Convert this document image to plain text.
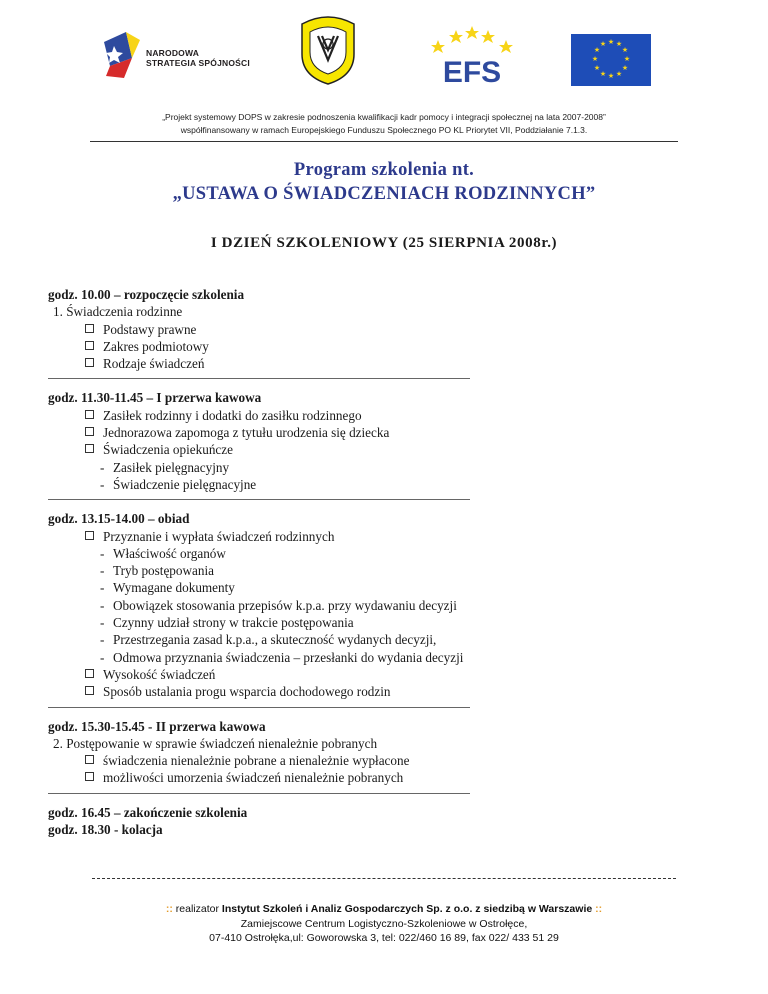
NARODOWA
STRATEGIA SPÓJNOŚCI	EFS
★ ★
★
★
★
★
★
★
★
★
★
★
„Projekt systemowy DOPS w zakresie podnoszenia kwalifikacji kadr pomocy i integracji społecznej na lata 2007-2008”
współfinansowany w ramach Europejskiego Funduszu Społecznego PO KL Priorytet VII, Poddziałanie 7.1.3.
Program szkolenia nt.
„USTAWA O ŚWIADCZENIACH RODZINNYCH”
I DZIEŃ SZKOLENIOWY (25 SIERPNIA 2008r.)
godz. 10.00 – rozpoczęcie szkolenia
1. Świadczenia rodzinne
Podstawy prawne
Zakres podmiotowy
Rodzaje świadczeń
godz. 11.30-11.45 – I przerwa kawowa
Zasiłek rodzinny i dodatki do zasiłku rodzinnego
Jednorazowa zapomoga z tytułu urodzenia się dziecka
Świadczenia opiekuńcze
- Zasiłek pielęgnacyjny
- Świadczenie pielęgnacyjne
godz. 13.15-14.00 – obiad
Przyznanie i wypłata świadczeń rodzinnych
- Właściwość organów
- Tryb postępowania
- Wymagane dokumenty
- Obowiązek stosowania przepisów k.p.a. przy wydawaniu decyzji
- Czynny udział strony w trakcie postępowania
- Przestrzegania zasad k.p.a., a skuteczność wydanych decyzji,
- Odmowa przyznania świadczenia – przesłanki do wydania decyzji
Wysokość świadczeń
Sposób ustalania progu wsparcia dochodowego rodzin
godz. 15.30-15.45 - II przerwa kawowa
2. Postępowanie w sprawie świadczeń nienależnie pobranych
świadczenia nienależnie pobrane a nienależnie wypłacone
możliwości umorzenia świadczeń nienależnie pobranych
godz. 16.45 – zakończenie szkolenia
godz. 18.30 - kolacja
:: realizator Instytut Szkoleń i Analiz Gospodarczych Sp. z o.o. z siedzibą w Warszawie ::
Zamiejscowe Centrum Logistyczno-Szkoleniowe w Ostrołęce,
07-410 Ostrołęka,ul: Goworowska 3, tel: 022/460 16 89, fax 022/ 433 51 29
